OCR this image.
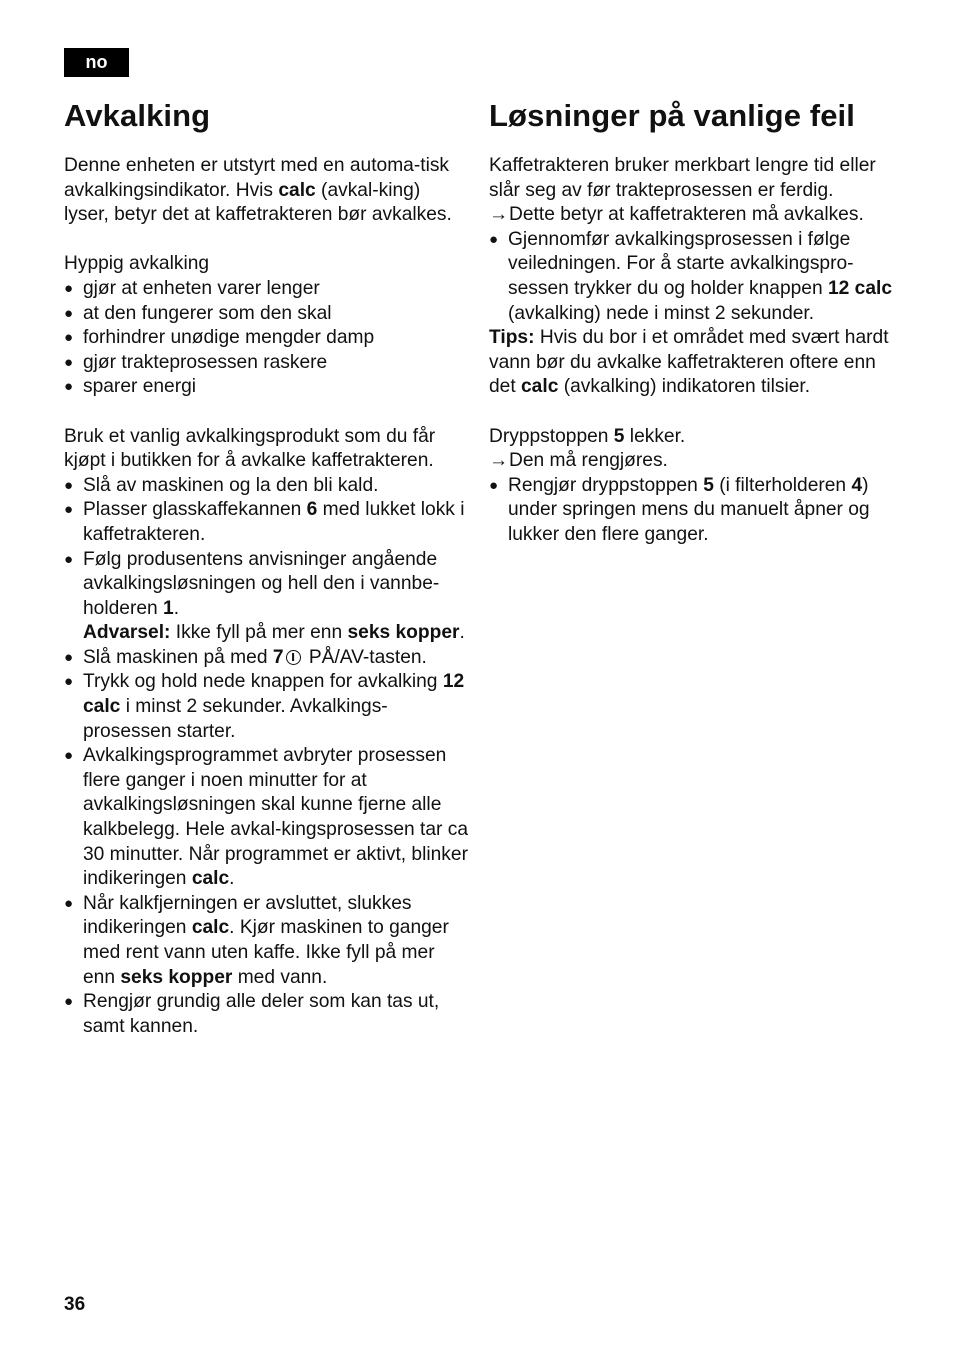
no
Avkalking

Denne enheten er utstyrt med en automa-tisk avkalkingsindikator. Hvis calc (avkal-king) lyser, betyr det at kaffetrakteren bør avkalkes.

Hyppig avkalking

● gjør at enheten varer lenger
● at den fungerer som den skal
● forhindrer unødige mengder damp
● gjør trakteprosessen raskere
● sparer energi

Bruk et vanlig avkalkingsprodukt som du får kjøpt i butikken for å avkalke kaffetrakteren.

● Slå av maskinen og la den bli kald.
● Plasser glasskaffekannen 6 med lukket lokk i kaffetrakteren.
● Følg produsentens anvisninger angående avkalkingsløsningen og hell den i vannbe-holderen 1.
Advarsel: Ikke fyll på mer enn seks kopper.
● Slå maskinen på med 7 PÅ/AV-tasten.
● Trykk og hold nede knappen for avkalking 12 calc i minst 2 sekunder. Avkalkings-prosessen starter.
● Avkalkingsprogrammet avbryter prosessen flere ganger i noen minutter for at avkalkingsløsningen skal kunne fjerne alle kalkbelegg. Hele avkal-kingsprosessen tar ca 30 minutter. Når programmet er aktivt, blinker indikeringen calc.
● Når kalkfjerningen er avsluttet, slukkes indikeringen calc. Kjør maskinen to ganger med rent vann uten kaffe. Ikke fyll på mer enn seks kopper med vann.
● Rengjør grundig alle deler som kan tas ut, samt kannen.
Løsninger på vanlige feil

Kaffetrakteren bruker merkbart lengre tid eller slår seg av før trakteprosessen er ferdig.

→ Dette betyr at kaffetrakteren må avkalkes.

● Gjennomfør avkalkingsprosessen i følge veiledningen. For å starte avkalkingspro-sessen trykker du og holder knappen 12 calc (avkalking) nede i minst 2 sekunder.

Tips: Hvis du bor i et området med svært hardt vann bør du avkalke kaffetrakteren oftere enn det calc (avkalking) indikatoren tilsier.

Dryppstoppen 5 lekker.

→ Den må rengjøres.

● Rengjør dryppstoppen 5 (i filterholderen 4) under springen mens du manuelt åpner og lukker den flere ganger.
36
